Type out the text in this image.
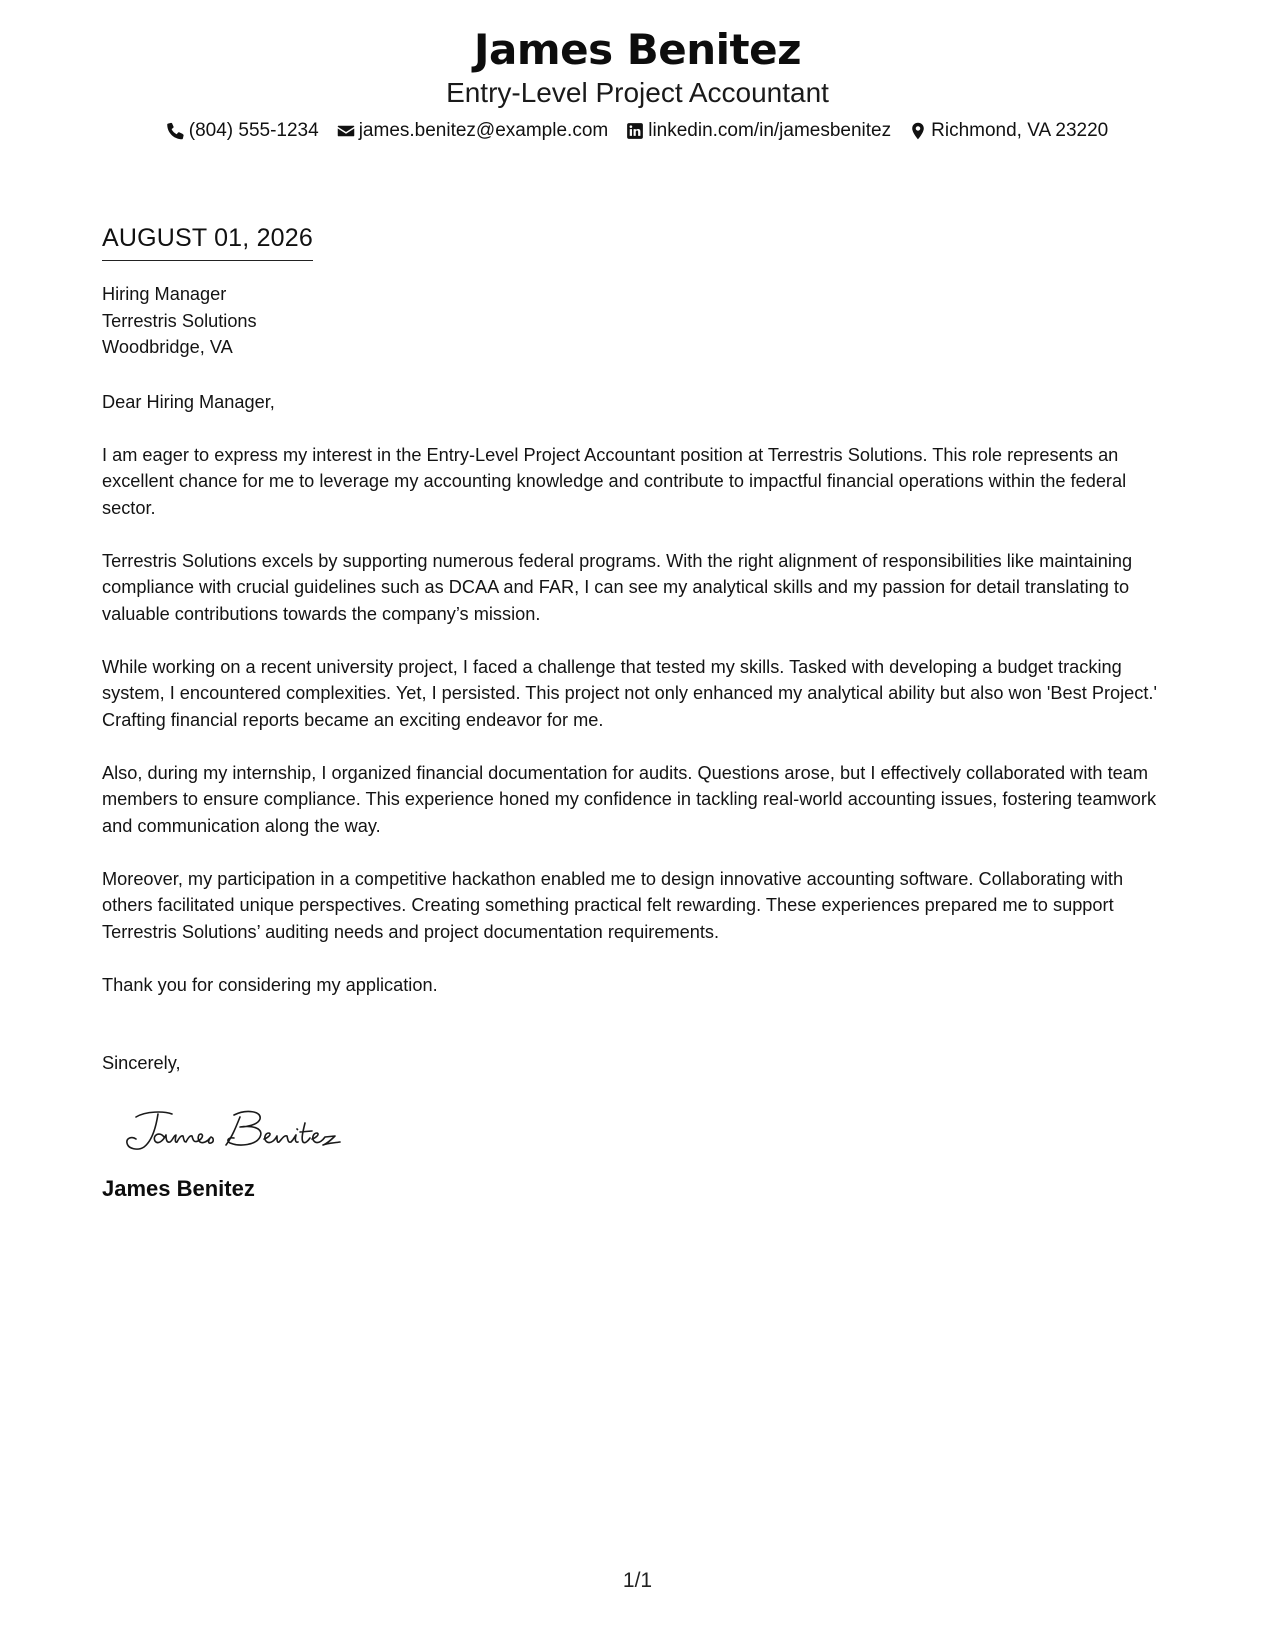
James Benitez
Entry-Level Project Accountant
(804) 555-1234 james.benitez@example.com linkedin.com/in/jamesbenitez Richmond, VA 23220
AUGUST 01, 2026
Hiring Manager
Terrestris Solutions
Woodbridge, VA
Dear Hiring Manager,
I am eager to express my interest in the Entry-Level Project Accountant position at Terrestris Solutions. This role represents an excellent chance for me to leverage my accounting knowledge and contribute to impactful financial operations within the federal sector.
Terrestris Solutions excels by supporting numerous federal programs. With the right alignment of responsibilities like maintaining compliance with crucial guidelines such as DCAA and FAR, I can see my analytical skills and my passion for detail translating to valuable contributions towards the company’s mission.
While working on a recent university project, I faced a challenge that tested my skills. Tasked with developing a budget tracking system, I encountered complexities. Yet, I persisted. This project not only enhanced my analytical ability but also won 'Best Project.' Crafting financial reports became an exciting endeavor for me.
Also, during my internship, I organized financial documentation for audits. Questions arose, but I effectively collaborated with team members to ensure compliance. This experience honed my confidence in tackling real-world accounting issues, fostering teamwork and communication along the way.
Moreover, my participation in a competitive hackathon enabled me to design innovative accounting software. Collaborating with others facilitated unique perspectives. Creating something practical felt rewarding. These experiences prepared me to support Terrestris Solutions’ auditing needs and project documentation requirements.
Thank you for considering my application.
Sincerely,
James Benitez
1/1
